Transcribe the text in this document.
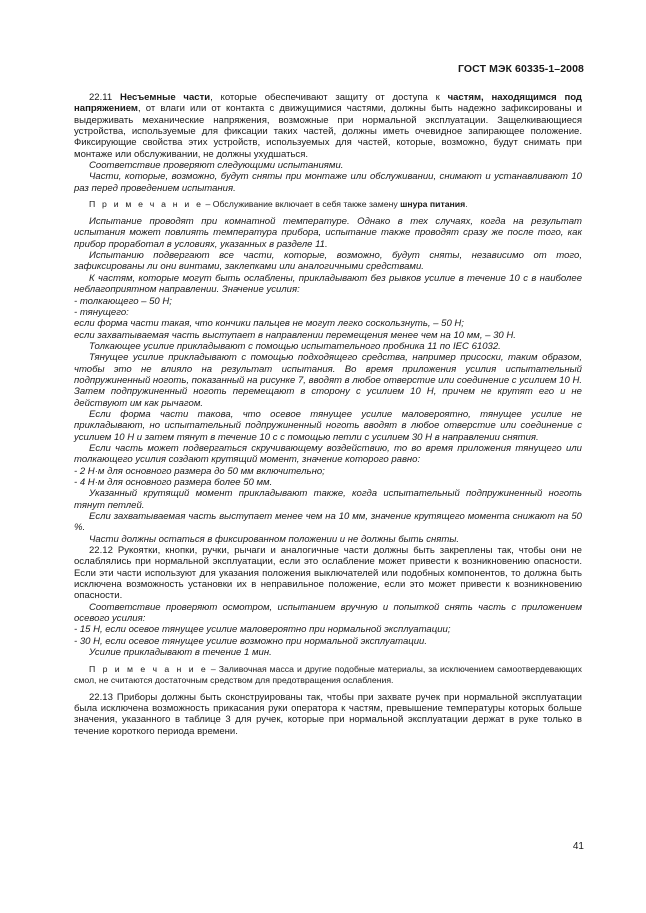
ГОСТ МЭК 60335-1–2008

22.11 Несъемные части, которые обеспечивают защиту от доступа к частям, находящимся под напряжением, от влаги или от контакта с движущимися частями, должны быть надежно зафиксированы и выдерживать механические напряжения, возможные при нормальной эксплуатации. Защелкивающиеся устройства, используемые для фиксации таких частей, должны иметь очевидное запирающее положение. Фиксирующие свойства этих устройств, используемых для частей, которые, возможно, будут снимать при монтаже или обслуживании, не должны ухудшаться.

Соответствие проверяют следующими испытаниями.

Части, которые, возможно, будут сняты при монтаже или обслуживании, снимают и устанавливают 10 раз перед проведением испытания.

П р и м е ч а н и е – Обслуживание включает в себя также замену шнура питания.

Испытание проводят при комнатной температуре. Однако в тех случаях, когда на результат испытания может повлиять температура прибора, испытание также проводят сразу же после того, как прибор проработал в условиях, указанных в разделе 11.

Испытанию подвергают все части, которые, возможно, будут сняты, независимо от того, зафиксированы ли они винтами, заклепками или аналогичными средствами.

К частям, которые могут быть ослаблены, прикладывают без рывков усилие в течение 10 с в наиболее неблагоприятном направлении. Значение усилия:

- толкающего – 50 Н;

- тянущего:

если форма части такая, что кончики пальцев не могут легко соскользнуть, – 50 Н;

если захватываемая часть выступает в направлении перемещения менее чем на 10 мм, – 30 Н.

Толкающее усилие прикладывают с помощью испытательного пробника 11 по IEC 61032.

Тянущее усилие прикладывают с помощью подходящего средства, например присоски, таким образом, чтобы это не влияло на результат испытания. Во время приложения усилия испытательный подпружиненный ноготь, показанный на рисунке 7, вводят в любое отверстие или соединение с усилием 10 Н. Затем подпружиненный ноготь перемещают в сторону с усилием 10 Н, причем не крутят его и не действуют им как рычагом.

Если форма части такова, что осевое тянущее усилие маловероятно, тянущее усилие не прикладывают, но испытательный подпружиненный ноготь вводят в любое отверстие или соединение с усилием 10 Н и затем тянут в течение 10 с с помощью петли с усилием 30 Н в направлении снятия.

Если часть может подвергаться скручивающему воздействию, то во время приложения тянущего или толкающего усилия создают крутящий момент, значение которого равно:

- 2 Н·м для основного размера до 50 мм включительно;

- 4 Н·м для основного размера более 50 мм.

Указанный крутящий момент прикладывают также, когда испытательный подпружиненный ноготь тянут петлей.

Если захватываемая часть выступает менее чем на 10 мм, значение крутящего момента снижают на 50 %.

Части должны остаться в фиксированном положении и не должны быть сняты.

22.12 Рукоятки, кнопки, ручки, рычаги и аналогичные части должны быть закреплены так, чтобы они не ослаблялись при нормальной эксплуатации, если это ослабление может привести к возникновению опасности. Если эти части используют для указания положения выключателей или подобных компонентов, то должна быть исключена возможность установки их в неправильное положение, если это может привести к возникновению опасности.

Соответствие проверяют осмотром, испытанием вручную и попыткой снять часть с приложением осевого усилия:

- 15 Н, если осевое тянущее усилие маловероятно при нормальной эксплуатации;

- 30 Н, если осевое тянущее усилие возможно при нормальной эксплуатации.

Усилие прикладывают в течение 1 мин.

П р и м е ч а н и е – Заливочная масса и другие подобные материалы, за исключением самоотвердевающих смол, не считаются достаточным средством для предотвращения ослабления.

22.13 Приборы должны быть сконструированы так, чтобы при захвате ручек при нормальной эксплуатации была исключена возможность прикасания руки оператора к частям, превышение температуры которых больше значения, указанного в таблице 3 для ручек, которые при нормальной эксплуатации держат в руке только в течение короткого периода времени.

41
